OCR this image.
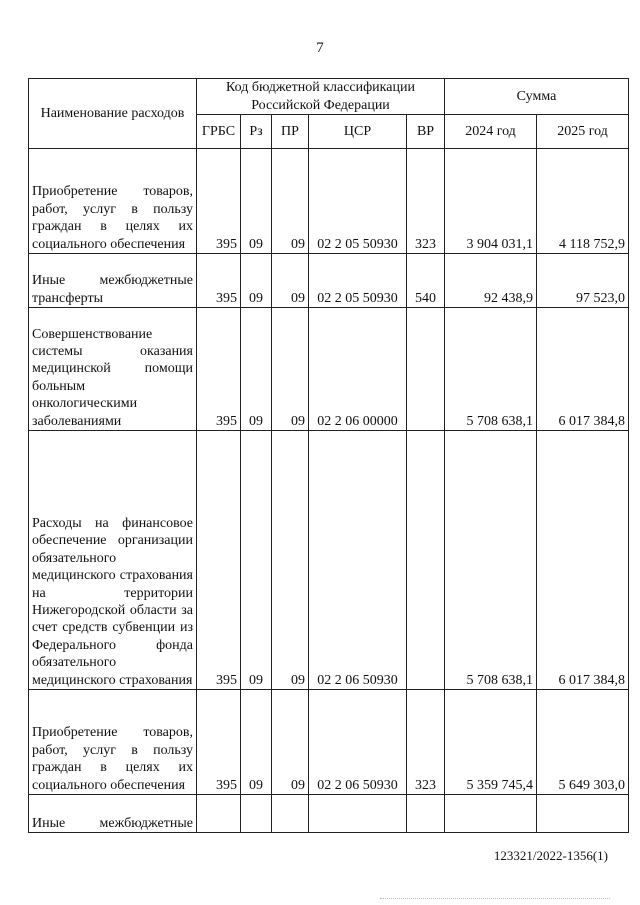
7
Наименование расходов	Код бюджетной классификации Российской Федерации					Сумма	
	ГРБС	Рз	ПР	ЦСР	ВР	2024 год	2025 год
Приобретение товаров, работ, услуг в пользу граждан в целях их социального обеспечения	395	09	09	02 2 05 50930	323	3 904 031,1	4 118 752,9
Иные межбюджетные трансферты	395	09	09	02 2 05 50930	540	92 438,9	97 523,0
Совершенствование системы оказания медицинской помощи больным онкологическими заболеваниями	395	09	09	02 2 06 00000		5 708 638,1	6 017 384,8
Расходы на финансовое обеспечение организации обязательного медицинского страхования на территории Нижегородской области за счет средств субвенции из Федерального фонда обязательного медицинского страхования	395	09	09	02 2 06 50930		5 708 638,1	6 017 384,8
Приобретение товаров, работ, услуг в пользу граждан в целях их социального обеспечения	395	09	09	02 2 06 50930	323	5 359 745,4	5 649 303,0
Иные межбюджетные							
123321/2022-1356(1)
